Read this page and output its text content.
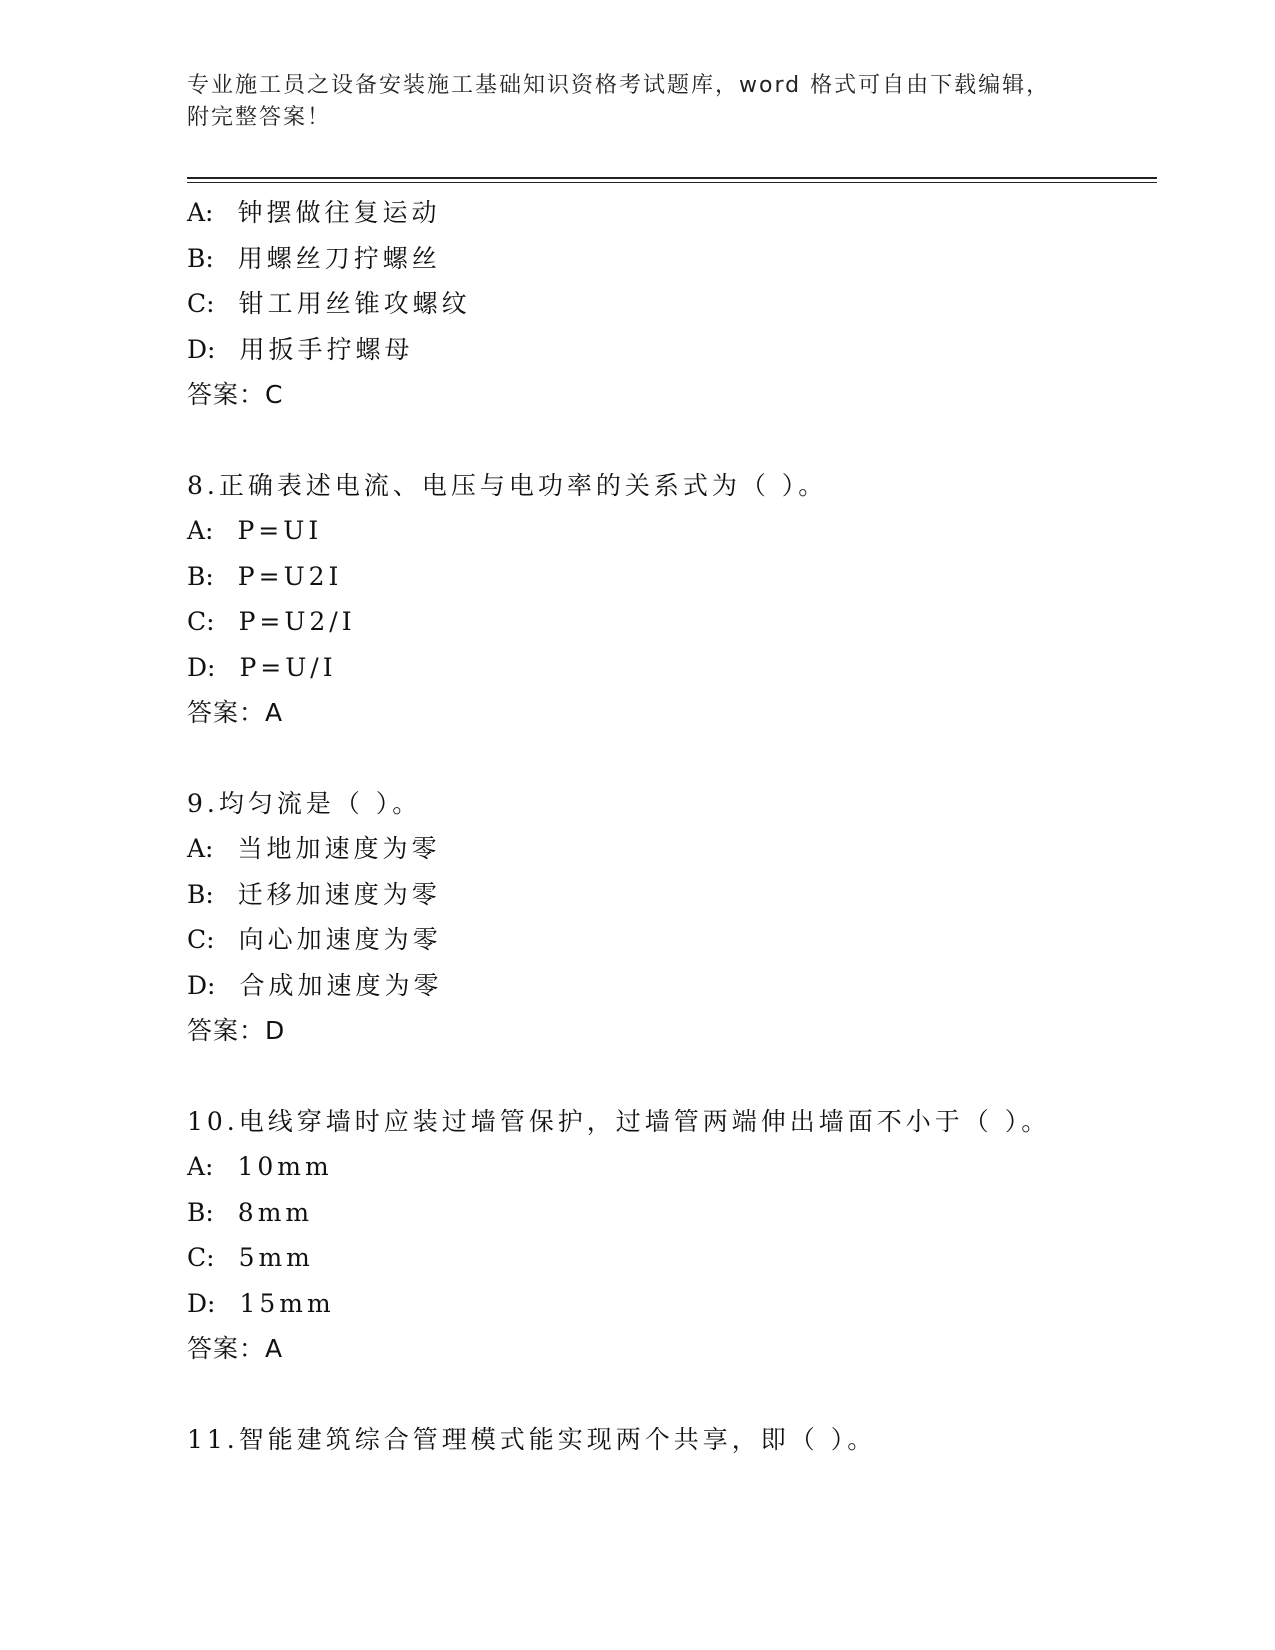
专业施工员之设备安装施工基础知识资格考试题库，word 格式可自由下载编辑，
附完整答案！
A: 钟摆做往复运动
B: 用螺丝刀拧螺丝
C: 钳工用丝锥攻螺纹
D: 用扳手拧螺母
答案：C
8.正确表述电流、电压与电功率的关系式为（ ）。
A: P=UI
B: P=U2I
C: P=U2/I
D: P=U/I
答案：A
9.均匀流是（ ）。
A: 当地加速度为零
B: 迁移加速度为零
C: 向心加速度为零
D: 合成加速度为零
答案：D
10.电线穿墙时应装过墙管保护，过墙管两端伸出墙面不小于（ ）。
A: 10mm
B: 8mm
C: 5mm
D: 15mm
答案：A
11.智能建筑综合管理模式能实现两个共享，即（ ）。
